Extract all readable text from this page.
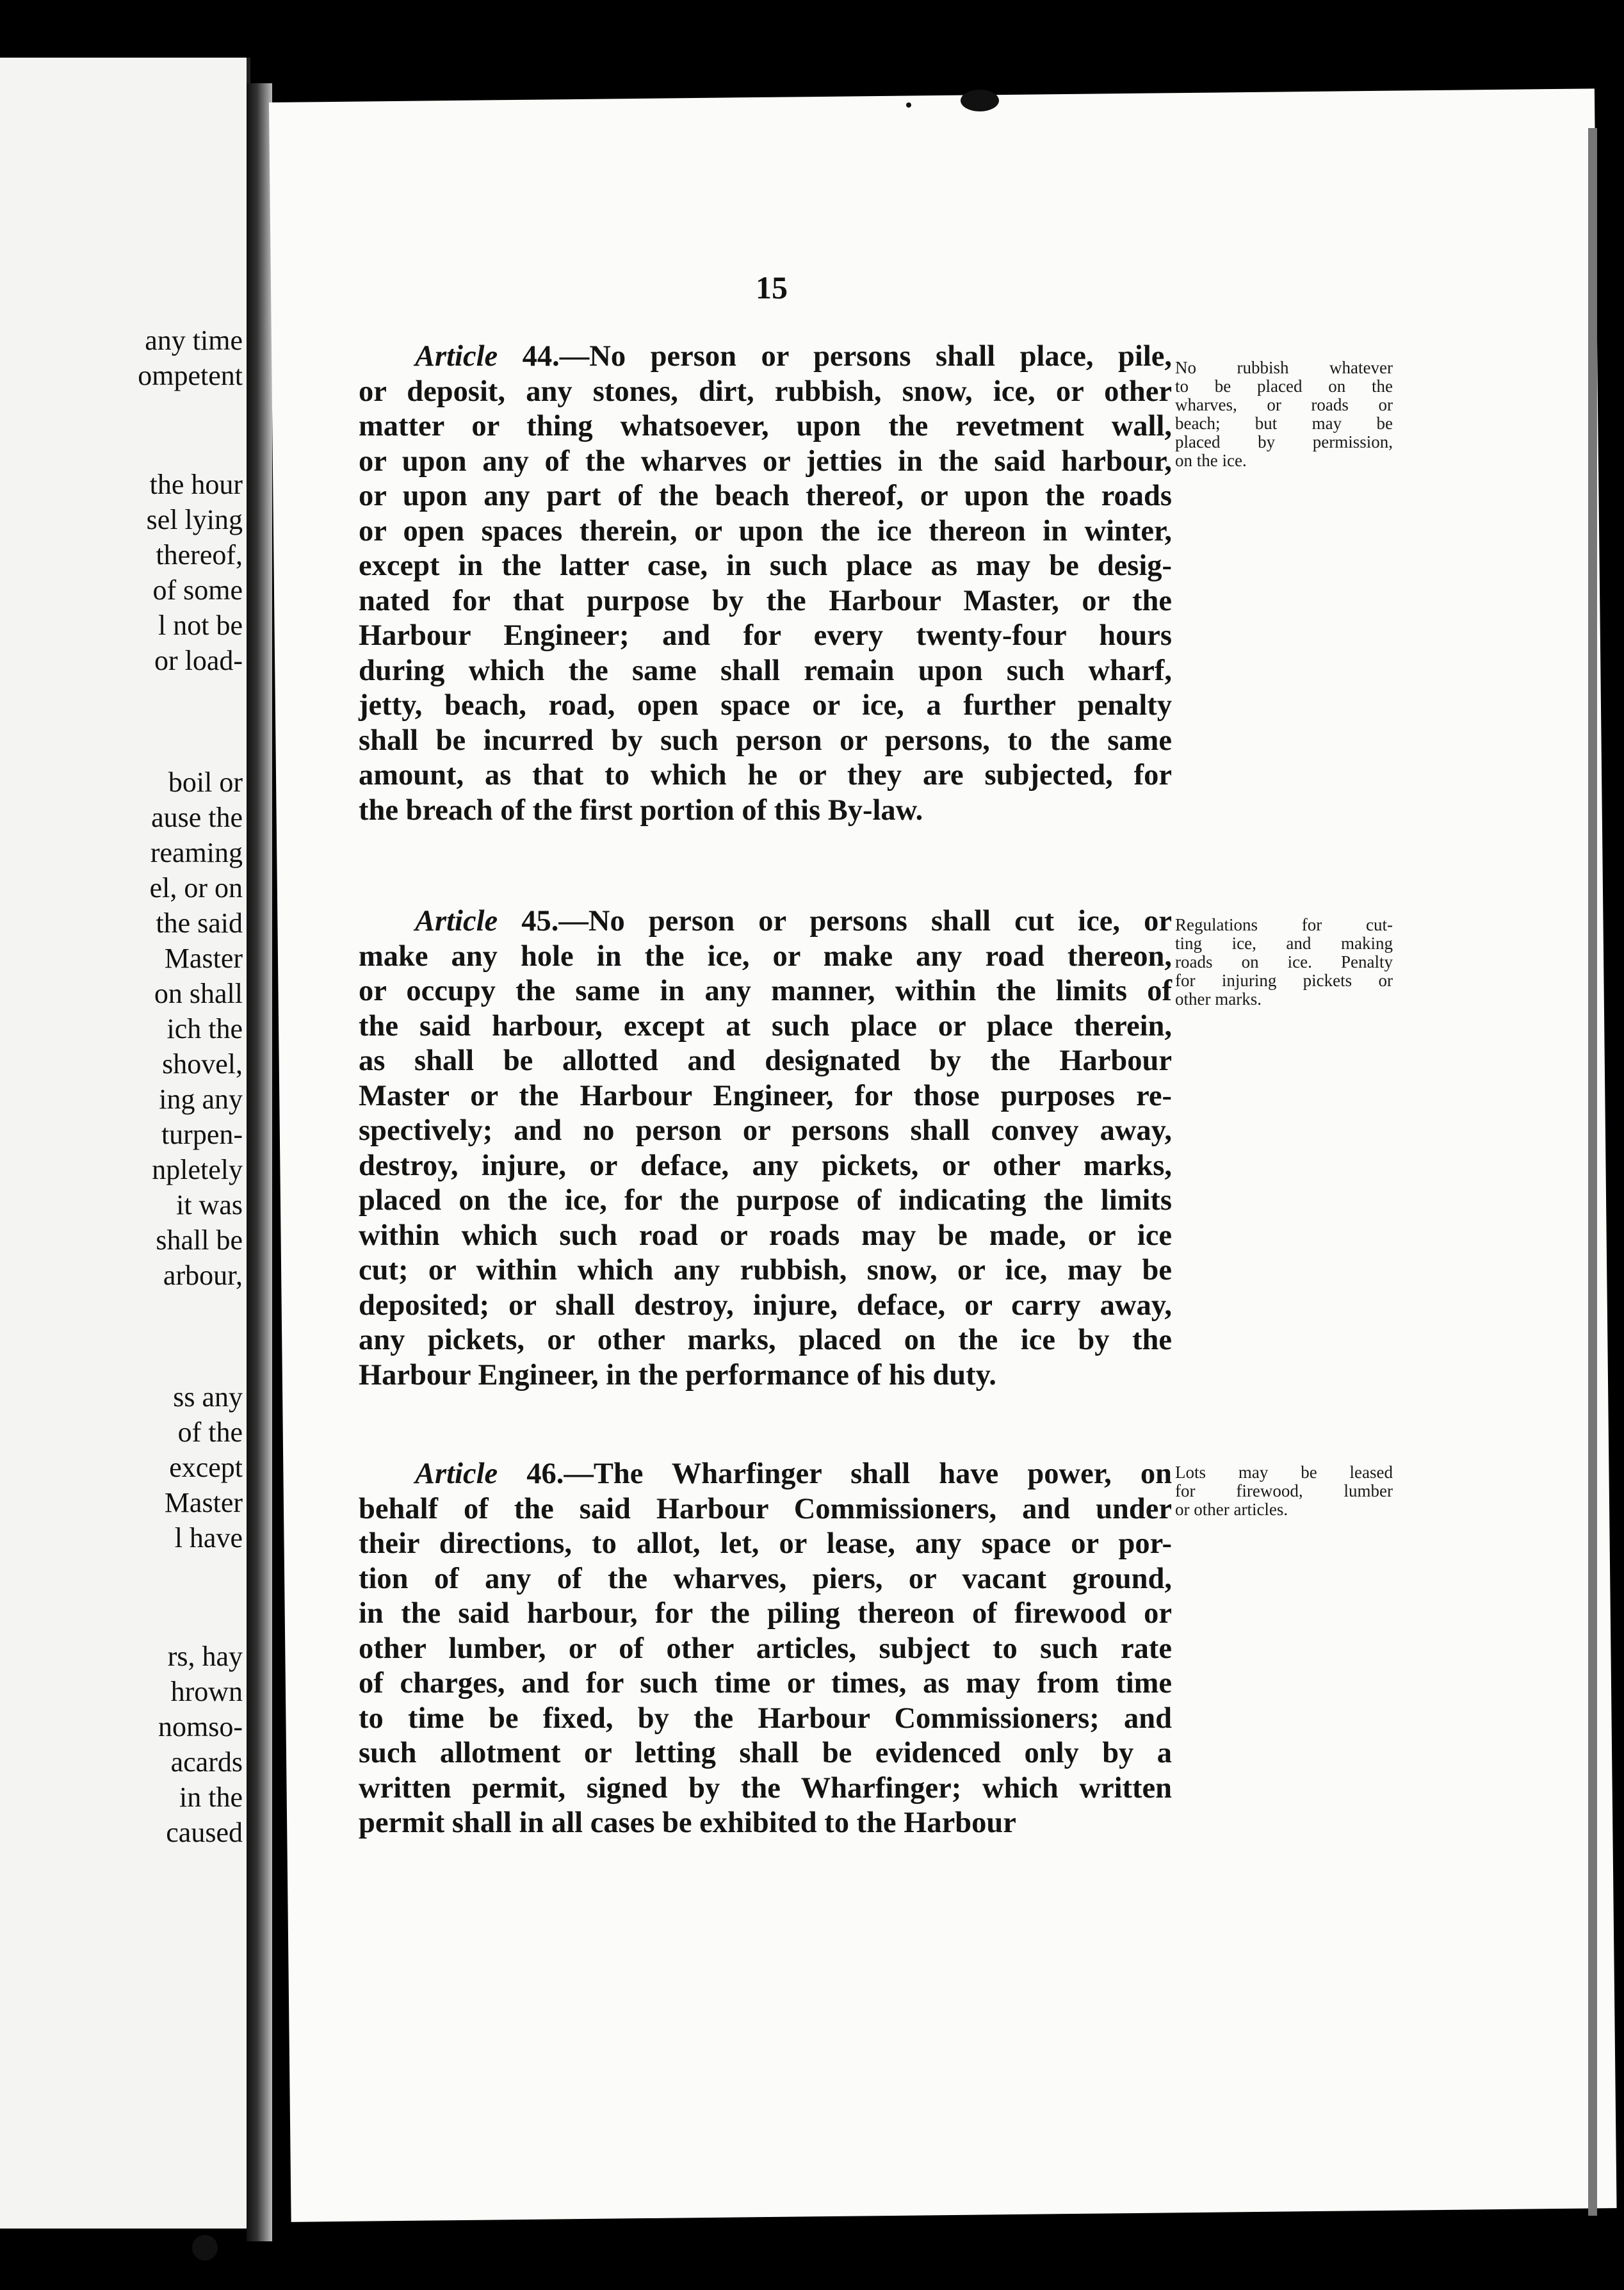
any time
ompetent
the hour
sel lying
thereof,
of some
l not be
or load-
boil or
ause the
reaming
el, or on
the said
Master
on shall
ich the
shovel,
ing any
turpen-
npletely
it was
shall be
arbour,
ss any
of the
except
Master
l have
rs, hay
hrown
nomso-
acards
in the
caused
15
Article 44.—No person or persons shall place, pile,
or deposit, any stones, dirt, rubbish, snow, ice, or other
matter or thing whatsoever, upon the revetment wall,
or upon any of the wharves or jetties in the said harbour,
or upon any part of the beach thereof, or upon the roads
or open spaces therein, or upon the ice thereon in winter,
except in the latter case, in such place as may be desig-
nated for that purpose by the Harbour Master, or the
Harbour Engineer; and for every twenty-four hours
during which the same shall remain upon such wharf,
jetty, beach, road, open space or ice, a further penalty
shall be incurred by such person or persons, to the same
amount, as that to which he or they are subjected, for
the breach of the first portion of this By-law.
No rubbish whatever
to be placed on the
wharves, or roads or
beach; but may be
placed by permission,
on the ice.
Article 45.—No person or persons shall cut ice, or
make any hole in the ice, or make any road thereon,
or occupy the same in any manner, within the limits of
the said harbour, except at such place or place therein,
as shall be allotted and designated by the Harbour
Master or the Harbour Engineer, for those purposes re-
spectively; and no person or persons shall convey away,
destroy, injure, or deface, any pickets, or other marks,
placed on the ice, for the purpose of indicating the limits
within which such road or roads may be made, or ice
cut; or within which any rubbish, snow, or ice, may be
deposited; or shall destroy, injure, deface, or carry away,
any pickets, or other marks, placed on the ice by the
Harbour Engineer, in the performance of his duty.
Regulations for cut-
ting ice, and making
roads on ice. Penalty
for injuring pickets or
other marks.
Article 46.—The Wharfinger shall have power, on
behalf of the said Harbour Commissioners, and under
their directions, to allot, let, or lease, any space or por-
tion of any of the wharves, piers, or vacant ground,
in the said harbour, for the piling thereon of firewood or
other lumber, or of other articles, subject to such rate
of charges, and for such time or times, as may from time
to time be fixed, by the Harbour Commissioners; and
such allotment or letting shall be evidenced only by a
written permit, signed by the Wharfinger; which written
permit shall in all cases be exhibited to the Harbour
Lots may be leased
for firewood, lumber
or other articles.
